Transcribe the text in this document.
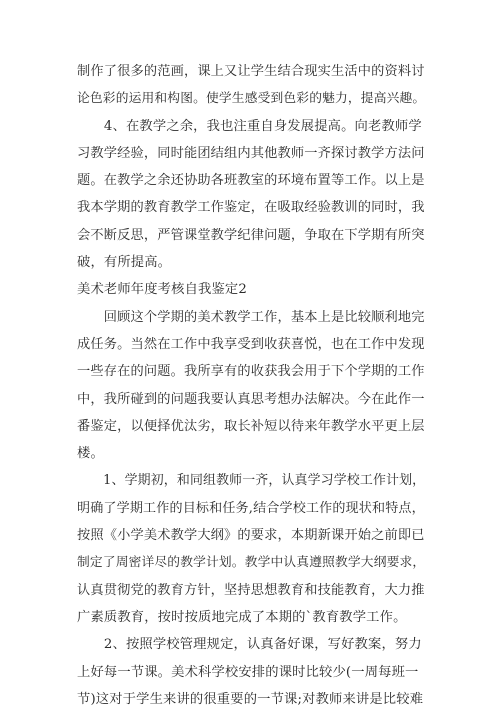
制作了很多的范画，课上又让学生结合现实生活中的资料讨
论色彩的运用和构图。使学生感受到色彩的魅力，提高兴趣。
　　4、在教学之余，我也注重自身发展提高。向老教师学
习教学经验，同时能团结组内其他教师一齐探讨教学方法问
题。在教学之余还协助各班教室的环境布置等工作。以上是
我本学期的教育教学工作鉴定，在吸取经验教训的同时，我
会不断反思，严管课堂教学纪律问题，争取在下学期有所突
破，有所提高。
美术老师年度考核自我鉴定2
　　回顾这个学期的美术教学工作，基本上是比较顺利地完
成任务。当然在工作中我享受到收获喜悦，也在工作中发现
一些存在的问题。我所享有的收获我会用于下个学期的工作
中，我所碰到的问题我要认真思考想办法解决。今在此作一
番鉴定，以便择优汰劣，取长补短以待来年教学水平更上层
楼。
　　1、学期初，和同组教师一齐，认真学习学校工作计划，
明确了学期工作的目标和任务,结合学校工作的现状和特点，
按照《小学美术教学大纲》的要求，本期新课开始之前即已
制定了周密详尽的教学计划。教学中认真遵照教学大纲要求，
认真贯彻党的教育方针，坚持思想教育和技能教育，大力推
广素质教育，按时按质地完成了本期的`教育教学工作。
　　2、按照学校管理规定，认真备好课，写好教案，努力
上好每一节课。美术科学校安排的课时比较少(一周每班一
节)这对于学生来讲的很重要的一节课;对教师来讲是比较难
